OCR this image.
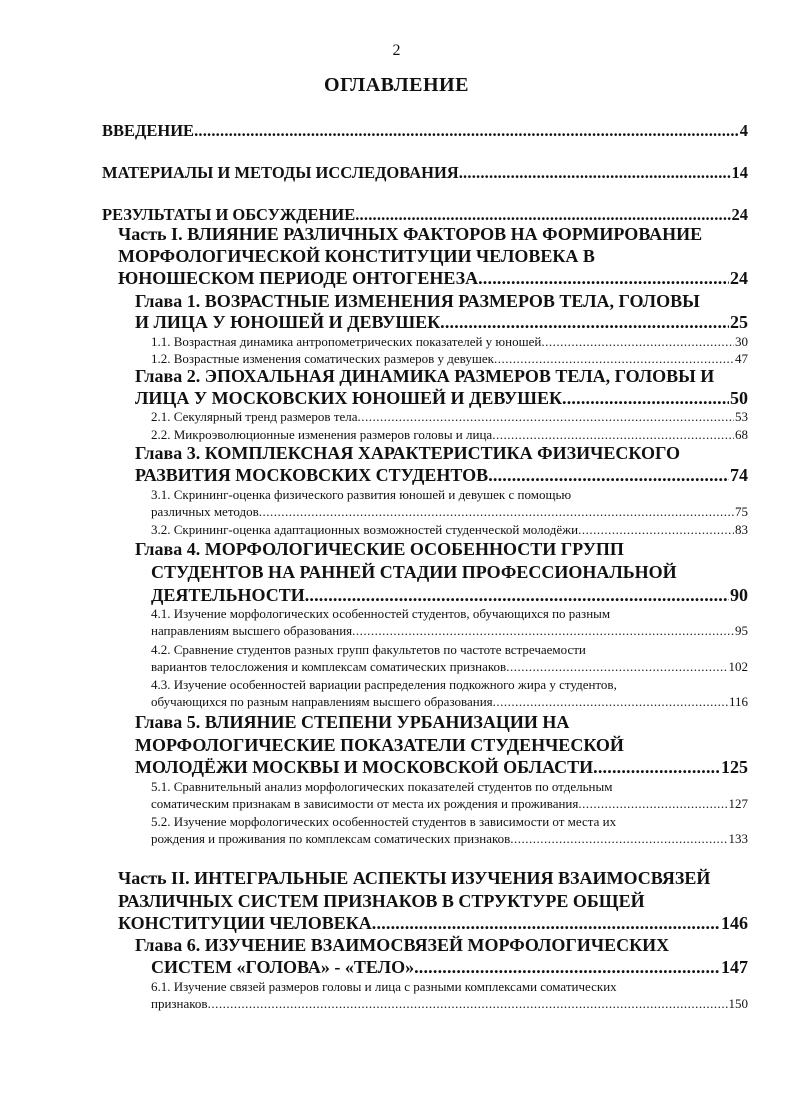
2
ОГЛАВЛЕНИЕ
ВВЕДЕНИЕ .....	4
МАТЕРИАЛЫ И МЕТОДЫ ИССЛЕДОВАНИЯ .....	14
РЕЗУЛЬТАТЫ И ОБСУЖДЕНИЕ .....	24
Часть I. ВЛИЯНИЕ РАЗЛИЧНЫХ ФАКТОРОВ НА ФОРМИРОВАНИЕ
МОРФОЛОГИЧЕСКОЙ КОНСТИТУЦИИ ЧЕЛОВЕКА В
ЮНОШЕСКОМ ПЕРИОДЕ ОНТОГЕНЕЗА .....	24
Глава 1. ВОЗРАСТНЫЕ ИЗМЕНЕНИЯ РАЗМЕРОВ ТЕЛА, ГОЛОВЫ
И ЛИЦА У ЮНОШЕЙ И ДЕВУШЕК .....	25
1.1. Возрастная динамика антропометрических показателей у юношей .....	30
1.2. Возрастные изменения соматических размеров у девушек .....	47
Глава 2. ЭПОХАЛЬНАЯ ДИНАМИКА РАЗМЕРОВ ТЕЛА, ГОЛОВЫ И
ЛИЦА У МОСКОВСКИХ ЮНОШЕЙ И ДЕВУШЕК .....	50
2.1. Секулярный тренд размеров тела .....	53
2.2. Микроэволюционные изменения размеров головы и лица .....	68
Глава 3. КОМПЛЕКСНАЯ ХАРАКТЕРИСТИКА ФИЗИЧЕСКОГО
РАЗВИТИЯ МОСКОВСКИХ СТУДЕНТОВ .....	74
3.1. Скрининг-оценка физического развития юношей и девушек с помощью
различных методов .....	75
3.2. Скрининг-оценка адаптационных возможностей студенческой молодёжи .....	83
Глава 4. МОРФОЛОГИЧЕСКИЕ ОСОБЕННОСТИ ГРУПП
СТУДЕНТОВ НА РАННЕЙ СТАДИИ ПРОФЕССИОНАЛЬНОЙ
ДЕЯТЕЛЬНОСТИ .....	90
4.1. Изучение морфологических особенностей студентов, обучающихся по разным
направлениям высшего образования .....	95
4.2. Сравнение студентов разных групп факультетов по частоте встречаемости
вариантов телосложения и комплексам соматических признаков .....	102
4.3. Изучение особенностей вариации распределения подкожного жира у студентов,
обучающихся по разным направлениям высшего образования .....	116
Глава 5. ВЛИЯНИЕ СТЕПЕНИ УРБАНИЗАЦИИ НА
МОРФОЛОГИЧЕСКИЕ ПОКАЗАТЕЛИ СТУДЕНЧЕСКОЙ
МОЛОДЁЖИ МОСКВЫ И МОСКОВСКОЙ ОБЛАСТИ .....	125
5.1. Сравнительный анализ морфологических показателей студентов по отдельным
соматическим признакам в зависимости от места их рождения и проживания .....	127
5.2. Изучение морфологических особенностей студентов в зависимости от места их
рождения и проживания по комплексам соматических признаков .....	133
Часть II. ИНТЕГРАЛЬНЫЕ АСПЕКТЫ ИЗУЧЕНИЯ ВЗАИМОСВЯЗЕЙ
РАЗЛИЧНЫХ СИСТЕМ ПРИЗНАКОВ В СТРУКТУРЕ ОБЩЕЙ
КОНСТИТУЦИИ ЧЕЛОВЕКА .....	146
Глава 6. ИЗУЧЕНИЕ ВЗАИМОСВЯЗЕЙ МОРФОЛОГИЧЕСКИХ
СИСТЕМ «ГОЛОВА» - «ТЕЛО» .....	147
6.1. Изучение связей размеров головы и лица с разными комплексами соматических
признаков .....	150
